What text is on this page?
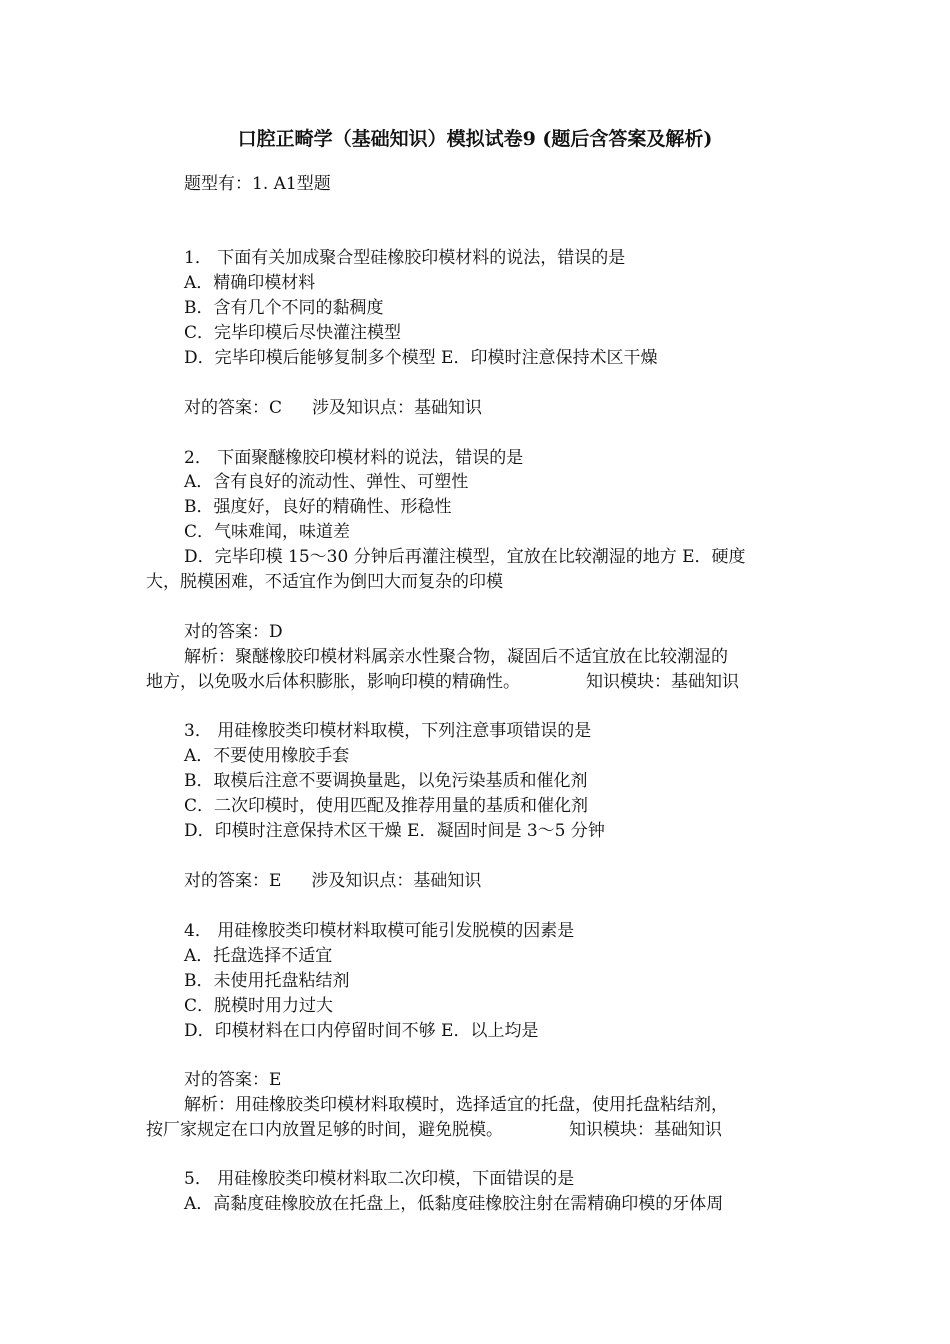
口腔正畸学（基础知识）模拟试卷9 (题后含答案及解析)
题型有：1. A1型题
1． 下面有关加成聚合型硅橡胶印模材料的说法，错误的是
A．精确印模材料
B．含有几个不同的黏稠度
C．完毕印模后尽快灌注模型
D．完毕印模后能够复制多个模型 E．印模时注意保持术区干燥
对的答案：C 涉及知识点：基础知识
2． 下面聚醚橡胶印模材料的说法，错误的是
A．含有良好的流动性、弹性、可塑性
B．强度好，良好的精确性、形稳性
C．气味难闻，味道差
D．完毕印模 15～30 分钟后再灌注模型，宜放在比较潮湿的地方 E．硬度
大，脱模困难，不适宜作为倒凹大而复杂的印模
对的答案：D
解析：聚醚橡胶印模材料属亲水性聚合物，凝固后不适宜放在比较潮湿的
地方，以免吸水后体积膨胀，影响印模的精确性。	知识模块：基础知识
3． 用硅橡胶类印模材料取模，下列注意事项错误的是
A．不要使用橡胶手套
B．取模后注意不要调换量匙，以免污染基质和催化剂
C．二次印模时，使用匹配及推荐用量的基质和催化剂
D．印模时注意保持术区干燥 E．凝固时间是 3～5 分钟
对的答案：E 涉及知识点：基础知识
4． 用硅橡胶类印模材料取模可能引发脱模的因素是
A．托盘选择不适宜
B．未使用托盘粘结剂
C．脱模时用力过大
D．印模材料在口内停留时间不够 E．以上均是
对的答案：E
解析：用硅橡胶类印模材料取模时，选择适宜的托盘，使用托盘粘结剂，
按厂家规定在口内放置足够的时间，避免脱模。	知识模块：基础知识
5． 用硅橡胶类印模材料取二次印模，下面错误的是
A．高黏度硅橡胶放在托盘上，低黏度硅橡胶注射在需精确印模的牙体周
